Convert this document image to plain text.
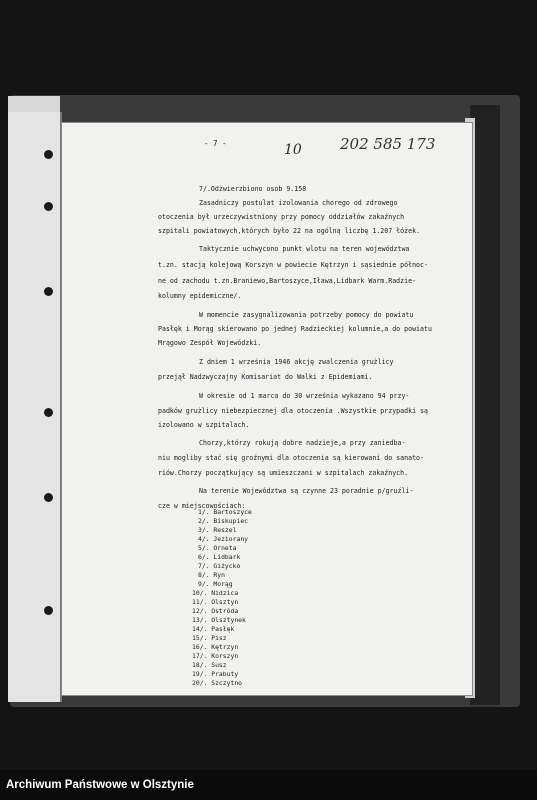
- 7 -	10	202 585 173
7/.Odżwierzbiono osob 9.158
Zasadniczy postulat izolowania chorego od zdrowego
otoczenia był urzeczywistniony przy pomocy oddziałów zakaźnych
szpitali powiatowych,których było 22 na ogólną liczbę 1.207 łóżek.
Taktycznie uchwycono punkt wlotu na teren województwa
t.zn. stacją kolejową Korszyn w powiecie Kętrzyn i sąsiednie północ-
ne od zachodu t.zn.Braniewo,Bartoszyce,Iława,Lidbark Warm.Radzie-
kolumny epidemiczne/.
W momencie zasygnalizowania potrzeby pomocy do powiatu
Pasłęk i Morąg skierowano po jednej Radzieckiej kolumnie,a do powiatu
Mrągowo Zespół Wojewódzki.
Z dniem 1 września 1946 akcję zwalczenia grużlicy
przejął Nadzwyczajny Komisariat do Walki z Epidemiami.
W okresie od 1 marca do 30 września wykazano 94 przy-
padków grużlicy niebezpiecznej dla otoczenia .Wszystkie przypadki są
izolowano w szpitalach.
Chorzy,którzy rokują dobre nadzieje,a przy zaniedba-
niu mogliby stać się groźnymi dla otoczenia są kierowani do sanato-
riów.Chorzy początkujący są umieszczani w szpitalach zakaźnych.
Na terenie Województwa są czynne 23 poradnie p/gruźli-
cze w miejscowościach:
1/. Bartoszyce
2/. Biskupiec
3/. Reszel
4/. Jeziorany
5/. Orneta
6/. Lidbark
7/. Giżycko
8/. Ryn
9/. Morąg
10/. Nidzica
11/. Olsztyn
12/. Ostróda
13/. Olsztynek
14/. Pasłęk
15/. Pisz
16/. Kętrzyn
17/. Korszyn
18/. Susz
19/. Prabuty
20/. Szczytno
Archiwum Państwowe w Olsztynie
